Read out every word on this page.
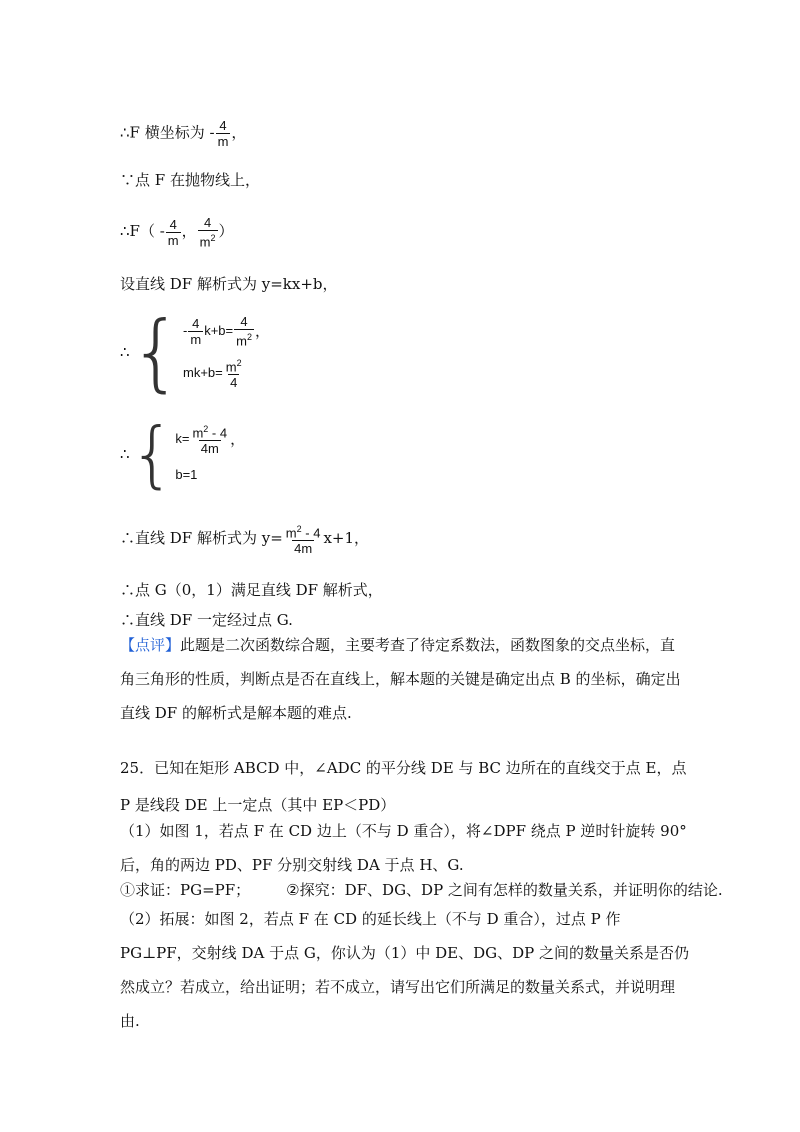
∴F 横坐标为 - $\frac{4}{m}$ ，
∵点 F 在抛物线上，
∴F（ - $\frac{4}{m}$ ， $\frac{4}{m^2}$ ）
设直线 DF 解析式为 y=kx+b，
∴ { - $\frac{4}{m} k+b= \frac{4}{m^2}$ ，
$mk+b= \frac{m^2}{4}$
∴ { $k= \frac{m^2 - 4}{4m}$ ，
b=1
∴直线 DF 解析式为 $y= \frac{m^2 - 4}{4m} x+1$，
∴点 G（0，1）满足直线 DF 解析式，
∴直线 DF 一定经过点 G.
【点评】此题是二次函数综合题，主要考查了待定系数法，函数图象的交点坐标，直角三角形的性质，判断点是否在直线上，解本题的关键是确定出点 B 的坐标，确定出直线 DF 的解析式是解本题的难点.
25．已知在矩形 ABCD 中，∠ADC 的平分线 DE 与 BC 边所在的直线交于点 E，点 P 是线段 DE 上一定点（其中 EP＜PD）
（1）如图 1，若点 F 在 CD 边上（不与 D 重合），将∠DPF 绕点 P 逆时针旋转 90°后，角的两边 PD、PF 分别交射线 DA 于点 H、G.
①求证：PG=PF； ②探究：DF、DG、DP 之间有怎样的数量关系，并证明你的结论.
（2）拓展：如图 2，若点 F 在 CD 的延长线上（不与 D 重合），过点 P 作 PG⊥PF，交射线 DA 于点 G，你认为（1）中 DE、DG、DP 之间的数量关系是否仍然成立？若成立，给出证明；若不成立，请写出它们所满足的数量关系式，并说明理由.
